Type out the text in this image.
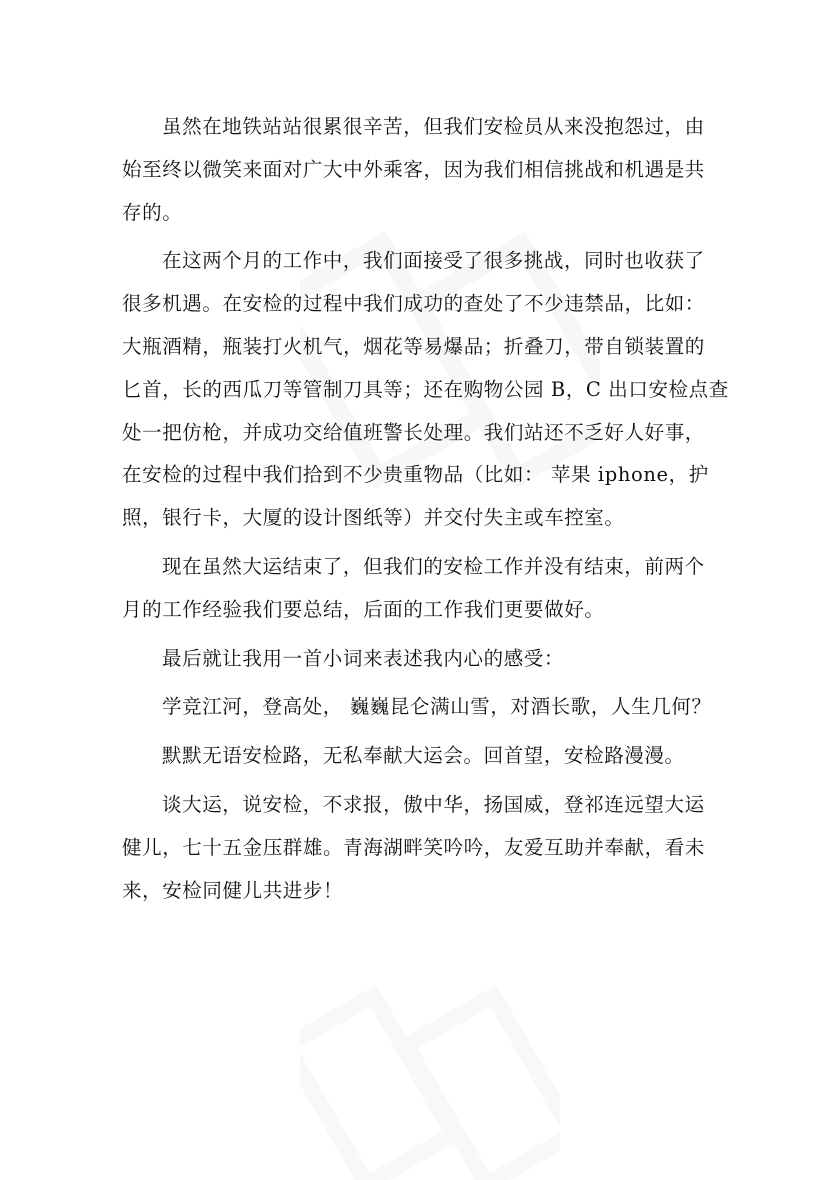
虽然在地铁站站很累很辛苦，但我们安检员从来没抱怨过，由
始至终以微笑来面对广大中外乘客，因为我们相信挑战和机遇是共
存的。
在这两个月的工作中，我们面接受了很多挑战，同时也收获了
很多机遇。在安检的过程中我们成功的查处了不少违禁品，比如：
大瓶酒精，瓶装打火机气，烟花等易爆品；折叠刀，带自锁装置的
匕首，长的西瓜刀等管制刀具等；还在购物公园 B，C 出口安检点查
处一把仿枪，并成功交给值班警长处理。我们站还不乏好人好事，
在安检的过程中我们拾到不少贵重物品（比如： 苹果 iphone，护
照，银行卡，大厦的设计图纸等）并交付失主或车控室。
现在虽然大运结束了，但我们的安检工作并没有结束，前两个
月的工作经验我们要总结，后面的工作我们更要做好。
最后就让我用一首小词来表述我内心的感受：
学竞江河，登高处， 巍巍昆仑满山雪，对酒长歌，人生几何？
默默无语安检路，无私奉献大运会。回首望，安检路漫漫。
谈大运，说安检，不求报，傲中华，扬国威，登祁连远望大运
健儿，七十五金压群雄。青海湖畔笑吟吟，友爱互助并奉献，看未
来，安检同健儿共进步！
